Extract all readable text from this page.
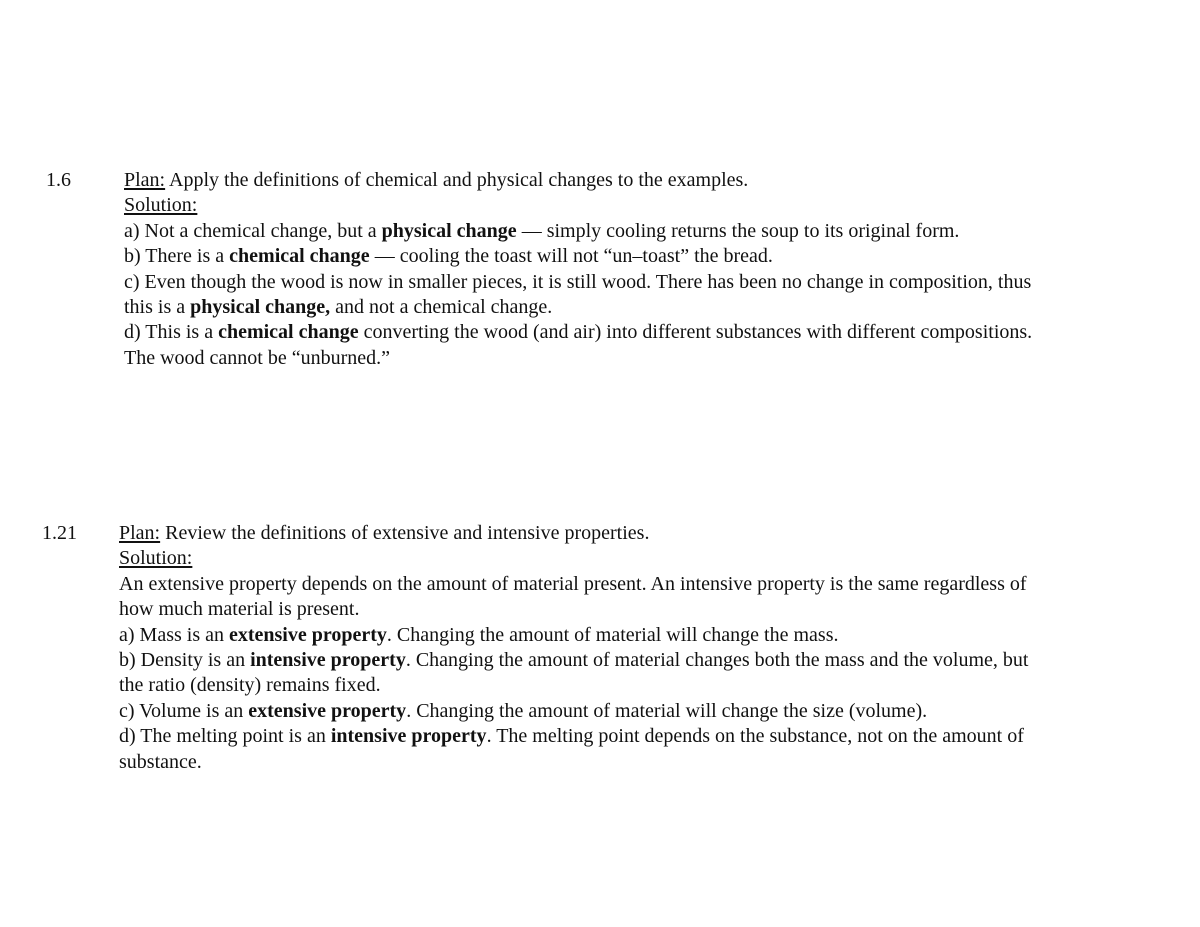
1.6	Plan: Apply the definitions of chemical and physical changes to the examples.
Solution:
a) Not a chemical change, but a physical change — simply cooling returns the soup to its original form.
b) There is a chemical change — cooling the toast will not “un–toast” the bread.
c) Even though the wood is now in smaller pieces, it is still wood. There has been no change in composition, thus
this is a physical change, and not a chemical change.
d) This is a chemical change converting the wood (and air) into different substances with different compositions.
The wood cannot be “unburned.”
1.21 Plan: Review the definitions of extensive and intensive properties.
Solution:
An extensive property depends on the amount of material present. An intensive property is the same regardless of
how much material is present.
a) Mass is an extensive property. Changing the amount of material will change the mass.
b) Density is an intensive property. Changing the amount of material changes both the mass and the volume, but
the ratio (density) remains fixed.
c) Volume is an extensive property. Changing the amount of material will change the size (volume).
d) The melting point is an intensive property. The melting point depends on the substance, not on the amount of
substance.
